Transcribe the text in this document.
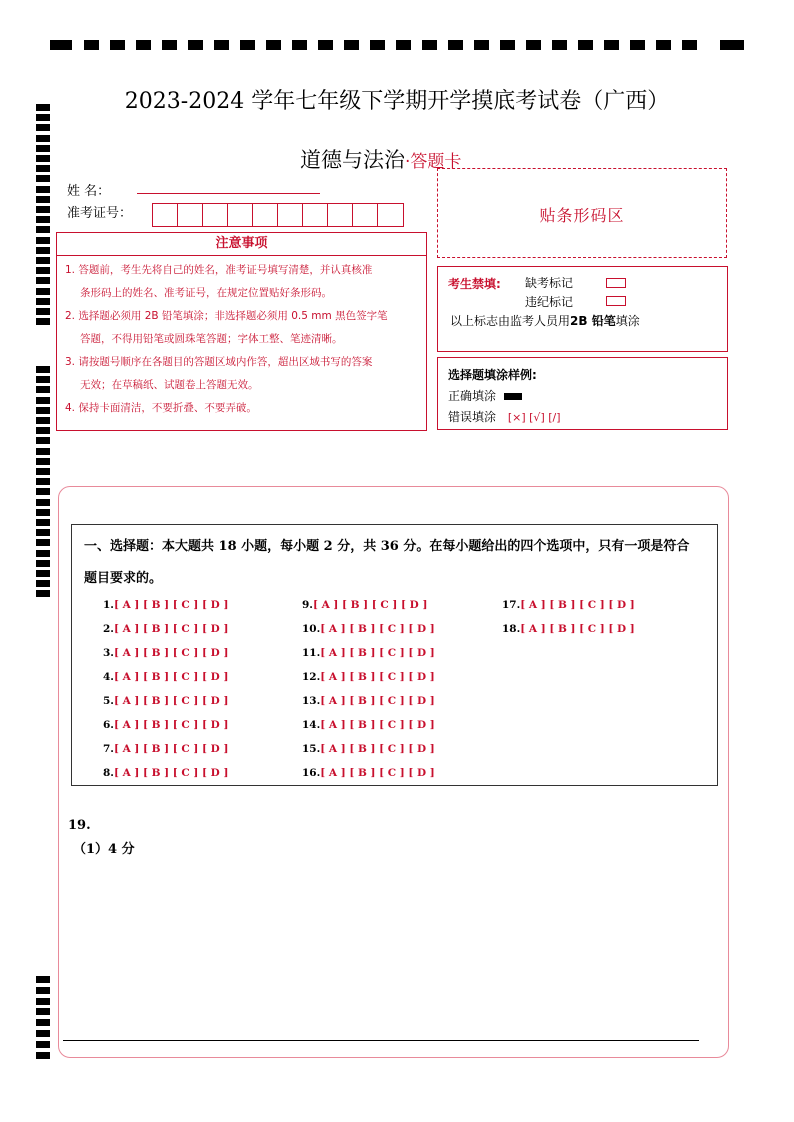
2023-2024 学年七年级下学期开学摸底考试卷（广西）
道德与法治·答题卡
姓 名：
准考证号：	贴条形码区
注意事项
1. 答题前，考生先将自己的姓名，准考证号填写清楚，并认真核准
条形码上的姓名、准考证号，在规定位置贴好条形码。
2. 选择题必须用 2B 铅笔填涂；非选择题必须用 0.5 mm 黑色签字笔
答题，不得用铅笔或圆珠笔答题；字体工整、笔迹清晰。
3. 请按题号顺序在各题目的答题区域内作答，超出区域书写的答案
无效；在草稿纸、试题卷上答题无效。
4. 保持卡面清洁，不要折叠、不要弄破。
考生禁填: 缺考标记
违纪标记
以上标志由监考人员用2B 铅笔填涂
选择题填涂样例:
正确填涂
错误填涂 [×] [√] [/]
一、选择题：本大题共 18 小题，每小题 2 分，共 36 分。在每小题给出的四个选项中，只有一项是符合
题目要求的。
1.[ A ] [ B ] [ C ] [ D ]
2.[ A ] [ B ] [ C ] [ D ]
3.[ A ] [ B ] [ C ] [ D ]
4.[ A ] [ B ] [ C ] [ D ]
5.[ A ] [ B ] [ C ] [ D ]
6.[ A ] [ B ] [ C ] [ D ]
7.[ A ] [ B ] [ C ] [ D ]
8.[ A ] [ B ] [ C ] [ D ]
9.[ A ] [ B ] [ C ] [ D ]
10.[ A ] [ B ] [ C ] [ D ]
11.[ A ] [ B ] [ C ] [ D ]
12.[ A ] [ B ] [ C ] [ D ]
13.[ A ] [ B ] [ C ] [ D ]
14.[ A ] [ B ] [ C ] [ D ]
15.[ A ] [ B ] [ C ] [ D ]
16.[ A ] [ B ] [ C ] [ D ]
17.[ A ] [ B ] [ C ] [ D ]
18.[ A ] [ B ] [ C ] [ D ]
19.
（1）4 分
